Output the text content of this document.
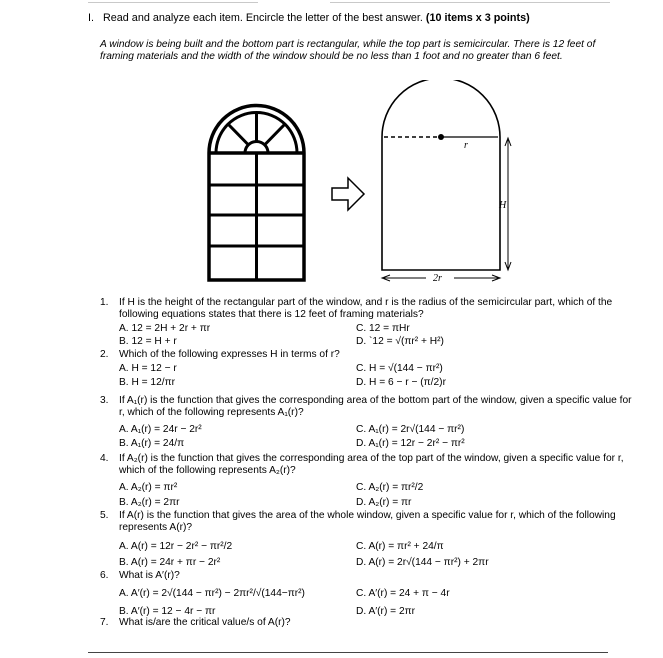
I. Read and analyze each item. Encircle the letter of the best answer. (10 items x 3 points)
A window is being built and the bottom part is rectangular, while the top part is semicircular. There is 12 feet of framing materials and the width of the window should be no less than 1 foot and no greater than 6 feet.
r
H
2r
1.	If H is the height of the rectangular part of the window, and r is the radius of the semicircular part, which of the following equations states that there is 12 feet of framing materials?
A. 12 = 2H + 2r + πr	C. 12 = πHr
B. 12 = H + r	D. `12 = √(πr² + H²)
2.	Which of the following expresses H in terms of r?
A. H = 12 − r	C. H = √(144 − πr²)
B. H = 12/πr	D. H = 6 − r − (π/2)r
3.	If A₁(r) is the function that gives the corresponding area of the bottom part of the window, given a specific value for r, which of the following represents A₁(r)?
A. A₁(r) = 24r − 2r²	C. A₁(r) = 2r√(144 − πr²)
B. A₁(r) = 24/π	D. A₁(r) = 12r − 2r² − πr²
4.	If A₂(r) is the function that gives the corresponding area of the top part of the window, given a specific value for r, which of the following represents A₂(r)?
A. A₂(r) = πr²	C. A₂(r) = πr²/2
B. A₂(r) = 2πr	D. A₂(r) = πr
5.	If A(r) is the function that gives the area of the whole window, given a specific value for r, which of the following represents A(r)?
A. A(r) = 12r − 2r² − πr²/2	C. A(r) = πr² + 24/π
B. A(r) = 24r + πr − 2r²	D. A(r) = 2r√(144 − πr²) + 2πr
6.	What is A′(r)?
A. A′(r) = 2√(144 − πr²) − 2πr²/√(144−πr²)	C. A′(r) = 24 + π − 4r
B. A′(r) = 12 − 4r − πr	D. A′(r) = 2πr
7.	What is/are the critical value/s of A(r)?
